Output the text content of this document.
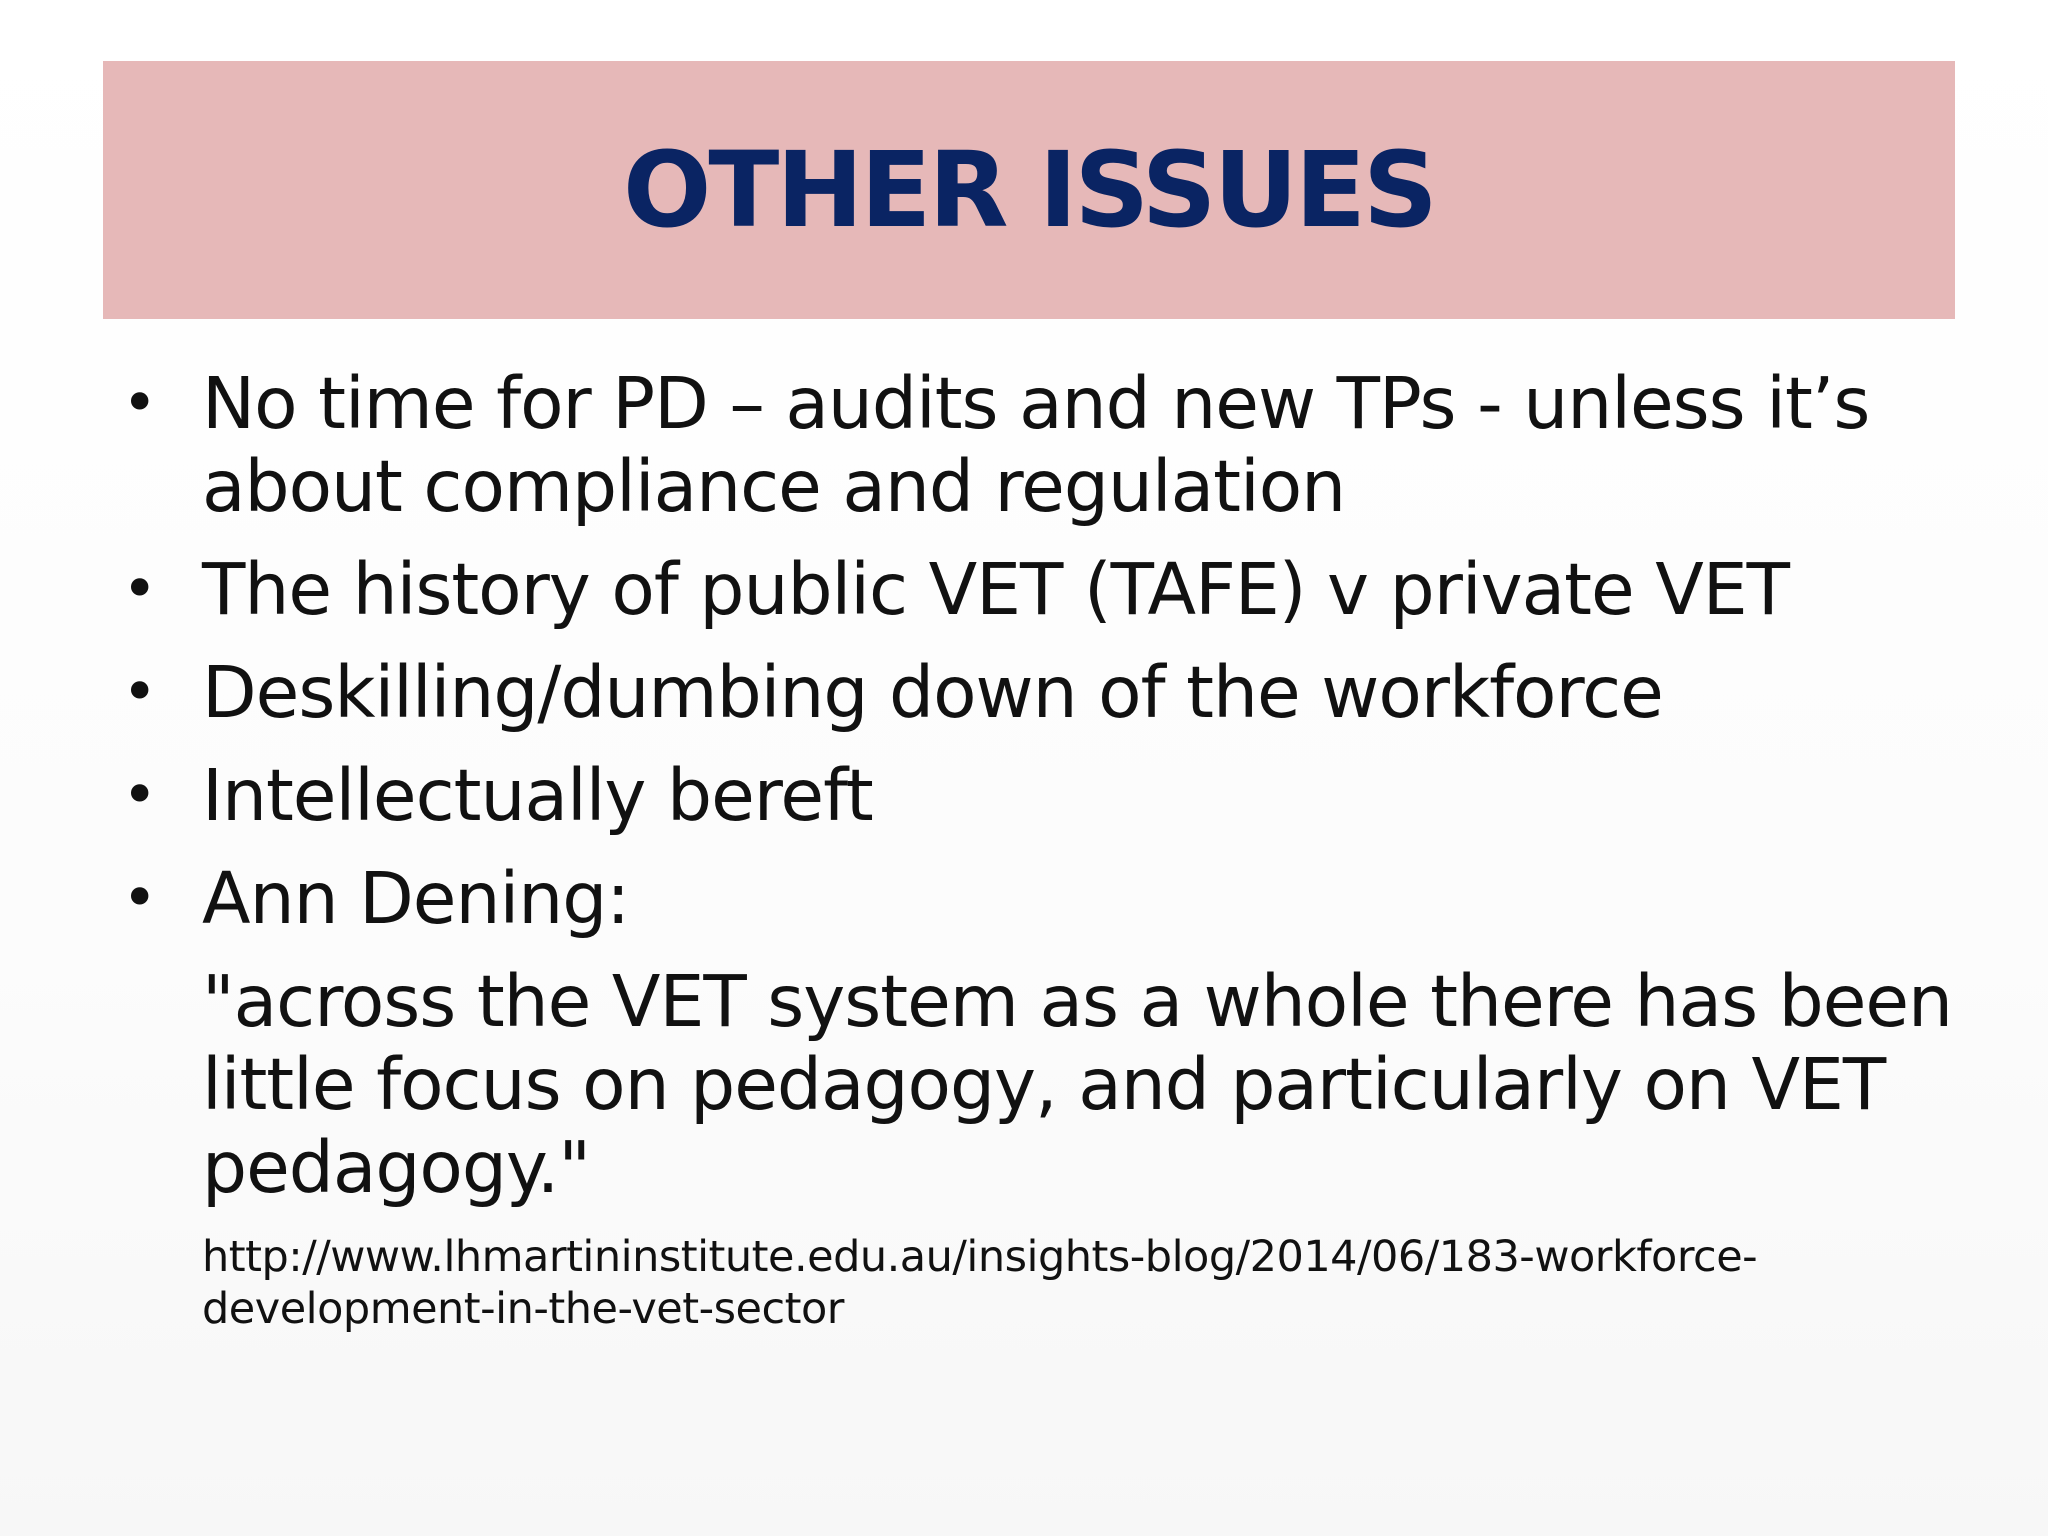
OTHER ISSUES
• No time for PD – audits and new TPs - unless it’s about compliance and regulation
• The history of public VET (TAFE) v private VET
• Deskilling/dumbing down of the workforce
• Intellectually bereft
• Ann Dening:
"across the VET system as a whole there has been little focus on pedagogy, and particularly on VET pedagogy."
http://www.lhmartininstitute.edu.au/insights-blog/2014/06/183-workforce-development-in-the-vet-sector
